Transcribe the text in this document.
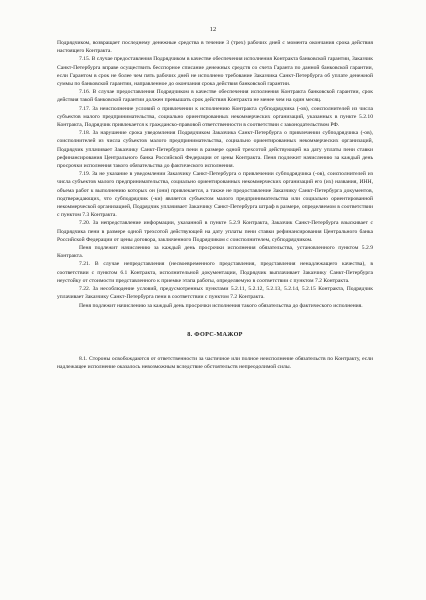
12

Подрядчиком, возвращает последнему денежные средства в течение 3 (трех) рабочих дней с момента окончания срока действия настоящего Контракта.

7.15. В случае предоставления Подрядчиком в качестве обеспечения исполнения Контракта банковской гарантии, Заказчик Санкт-Петербурга вправе осуществить бесспорное списание денежных средств со счета Гаранта по данной банковской гарантии, если Гарантом в срок не более чем пять рабочих дней не исполнено требование Заказчика Санкт-Петербурга об уплате денежной суммы по банковской гарантии, направленное до окончания срока действия банковской гарантии.

7.16. В случае предоставления Подрядчиком в качестве обеспечения исполнения Контракта банковской гарантии, срок действия такой банковской гарантии должен превышать срок действия Контракта не менее чем на один месяц.

7.17. За неисполнение условий о привлечении к исполнению Контракта субподрядчика (-ов), соисполнителей из числа субъектов малого предпринимательства, социально ориентированных некоммерческих организаций, указанных в пункте 5.2.10 Контракта, Подрядчик привлекается к гражданско-правовой ответственности в соответствии с законодательством РФ.

7.18. За нарушение срока уведомления Подрядчиком Заказчика Санкт-Петербурга о привлечении субподрядчика (-ов), соисполнителей из числа субъектов малого предпринимательства, социально ориентированных некоммерческих организаций, Подрядчик уплачивает Заказчику Санкт-Петербурга пени в размере одной трехсотой действующей на дату уплаты пени ставки рефинансирования Центрального банка Российской Федерации от цены Контракта. Пеня подлежит начислению за каждый день просрочки исполнения такого обязательства до фактического исполнения.

7.19. За не указание в уведомлении Заказчику Санкт-Петербурга о привлечении субподрядчика (-ов), соисполнителей из числа субъектов малого предпринимательства, социально ориентированных некоммерческих организаций его (их) названия, ИНН, объема работ к выполнению которых он (они) привлекается, а также не предоставление Заказчику Санкт-Петербурга документов, подтверждающих, что субподрядчик (-ки) является субъектом малого предпринимательства или социально ориентированной некоммерческой организацией, Подрядчик уплачивает Заказчику Санкт-Петербурга штраф в размере, определяемом в соответствии с пунктом 7.3 Контракта.

7.20. За непредставление информации, указанной в пункте 5.2.9 Контракта, Заказчик Санкт-Петербурга взыскивает с Подрядчика пени в размере одной трехсотой действующей на дату уплаты пени ставки рефинансирования Центрального банка Российской Федерации от цены договора, заключенного Подрядчиком с соисполнителем, субподрядчиком.

Пеня подлежит начислению за каждый день просрочки исполнения обязательства, установленного пунктом 5.2.9 Контракта.

7.21. В случае непредставления (несвоевременного представления, представления ненадлежащего качества), в соответствии с пунктом 6.1 Контракта, исполнительной документации, Подрядчик выплачивает Заказчику Санкт-Петербурга неустойку от стоимости представленного к приемке этапа работы, определяемую в соответствии с пунктом 7.2 Контракта.

7.22. За несоблюдение условий, предусмотренных пунктами 5.2.11, 5.2.12, 5.2.13, 5.2.14, 5.2.15 Контракта, Подрядчик уплачивает Заказчику Санкт-Петербурга пени в соответствии с пунктом 7.2 Контракта.

Пеня подлежит начислению за каждый день просрочки исполнения такого обязательства до фактического исполнения.

8. ФОРС-МАЖОР

8.1. Стороны освобождаются от ответственности за частичное или полное неисполнение обязательств по Контракту, если надлежащее исполнение оказалось невозможным вследствие обстоятельств непреодолимой силы.
